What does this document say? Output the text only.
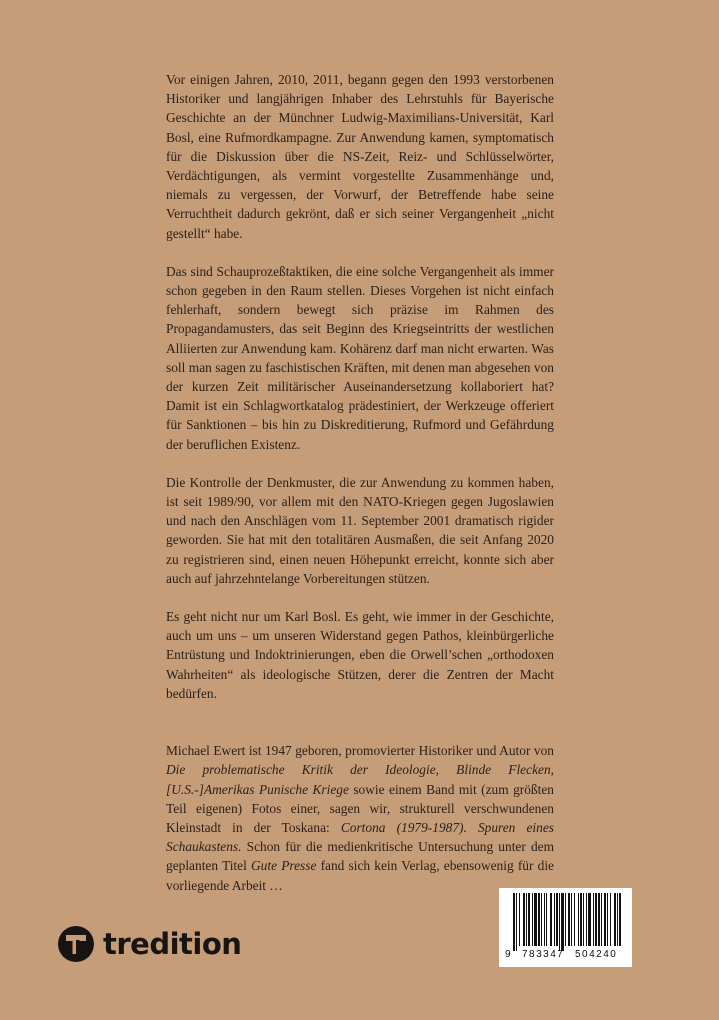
Vor einigen Jahren, 2010, 2011, begann gegen den 1993 verstorbenen Historiker und langjährigen Inhaber des Lehrstuhls für Bayerische Geschichte an der Münchner Ludwig-Maximilians-Universität, Karl Bosl, eine Rufmordkampagne. Zur Anwendung kamen, symptomatisch für die Diskussion über die NS-Zeit, Reiz- und Schlüsselwörter, Verdächtigungen, als vermint vorgestellte Zusammenhänge und, niemals zu vergessen, der Vorwurf, der Betreffende habe seine Verruchtheit dadurch gekrönt, daß er sich seiner Vergangenheit „nicht gestellt“ habe.

Das sind Schauprozeßtaktiken, die eine solche Vergangenheit als immer schon gegeben in den Raum stellen. Dieses Vorgehen ist nicht einfach fehlerhaft, sondern bewegt sich präzise im Rahmen des Propagandamusters, das seit Beginn des Kriegseintritts der westlichen Alliierten zur Anwendung kam. Kohärenz darf man nicht erwarten. Was soll man sagen zu faschistischen Kräften, mit denen man abgesehen von der kurzen Zeit militärischer Auseinandersetzung kollaboriert hat? Damit ist ein Schlagwortkatalog prädestiniert, der Werkzeuge offeriert für Sanktionen – bis hin zu Diskreditierung, Rufmord und Gefährdung der beruflichen Existenz.

Die Kontrolle der Denkmuster, die zur Anwendung zu kommen haben, ist seit 1989/90, vor allem mit den NATO-Kriegen gegen Jugoslawien und nach den Anschlägen vom 11. September 2001 dramatisch rigider geworden. Sie hat mit den totalitären Ausmaßen, die seit Anfang 2020 zu registrieren sind, einen neuen Höhepunkt erreicht, konnte sich aber auch auf jahrzehntelange Vorbereitungen stützen.

Es geht nicht nur um Karl Bosl. Es geht, wie immer in der Geschichte, auch um uns – um unseren Widerstand gegen Pathos, kleinbürgerliche Entrüstung und Indoktrinierungen, eben die Orwell’schen „orthodoxen Wahrheiten“ als ideologische Stützen, derer die Zentren der Macht bedürfen.

Michael Ewert ist 1947 geboren, promovierter Historiker und Autor von Die problematische Kritik der Ideologie, Blinde Flecken, [U.S.-]Amerikas Punische Kriege sowie einem Band mit (zum größten Teil eigenen) Fotos einer, sagen wir, strukturell verschwundenen Kleinstadt in der Toskana: Cortona (1979-1987). Spuren eines Schaukastens. Schon für die medienkritische Untersuchung unter dem geplanten Titel Gute Presse fand sich kein Verlag, ebensowenig für die vorliegende Arbeit …

tredition	9 783347 504240
